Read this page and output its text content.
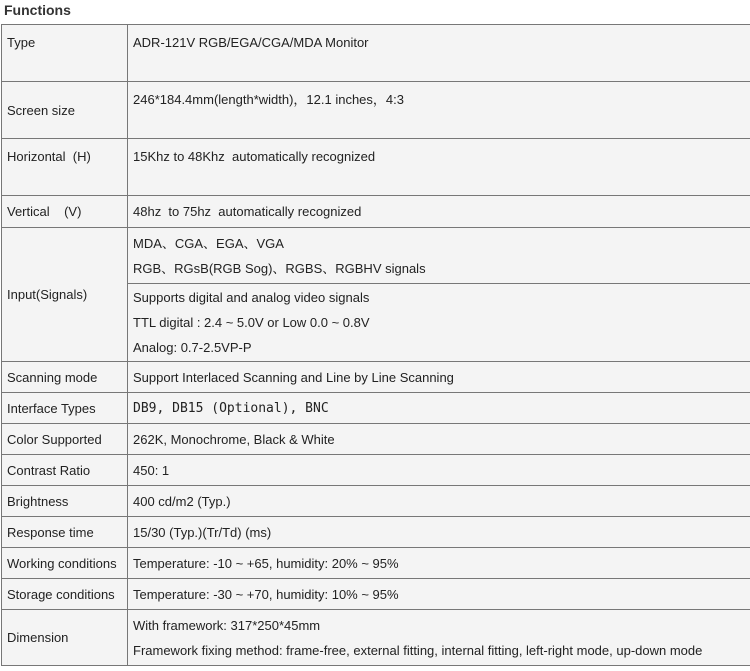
Functions
Type	ADR-121V RGB/EGA/CGA/MDA Monitor

Screen size	246*184.4mm(length*width)，12.1 inches，4:3

Horizontal  (H)	15Khz to 48Khz  automatically recognized

Vertical    (V)	48hz  to 75hz  automatically recognized
Input(Signals)	MDA、CGA、EGA、VGA
RGB、RGsB(RGB Sog)、RGBS、RGBHV signals

	Supports digital and analog video signals
TTL digital : 2.4 ~ 5.0V or Low 0.0 ~ 0.8V
Analog: 0.7-2.5VP-P

Scanning mode	Support Interlaced Scanning and Line by Line Scanning
Interface Types	DB9, DB15 (Optional), BNC
Color Supported	262K, Monochrome, Black & White
Contrast Ratio	450: 1
Brightness	400 cd/m2 (Typ.)
Response time	15/30 (Typ.)(Tr/Td) (ms)
Working conditions	Temperature: -10 ~ +65, humidity: 20% ~ 95%
Storage conditions	Temperature: -30 ~ +70, humidity: 10% ~ 95%
Dimension	With framework: 317*250*45mm
Framework fixing method: frame-free, external fitting, internal fitting, left-right mode, up-down mode
